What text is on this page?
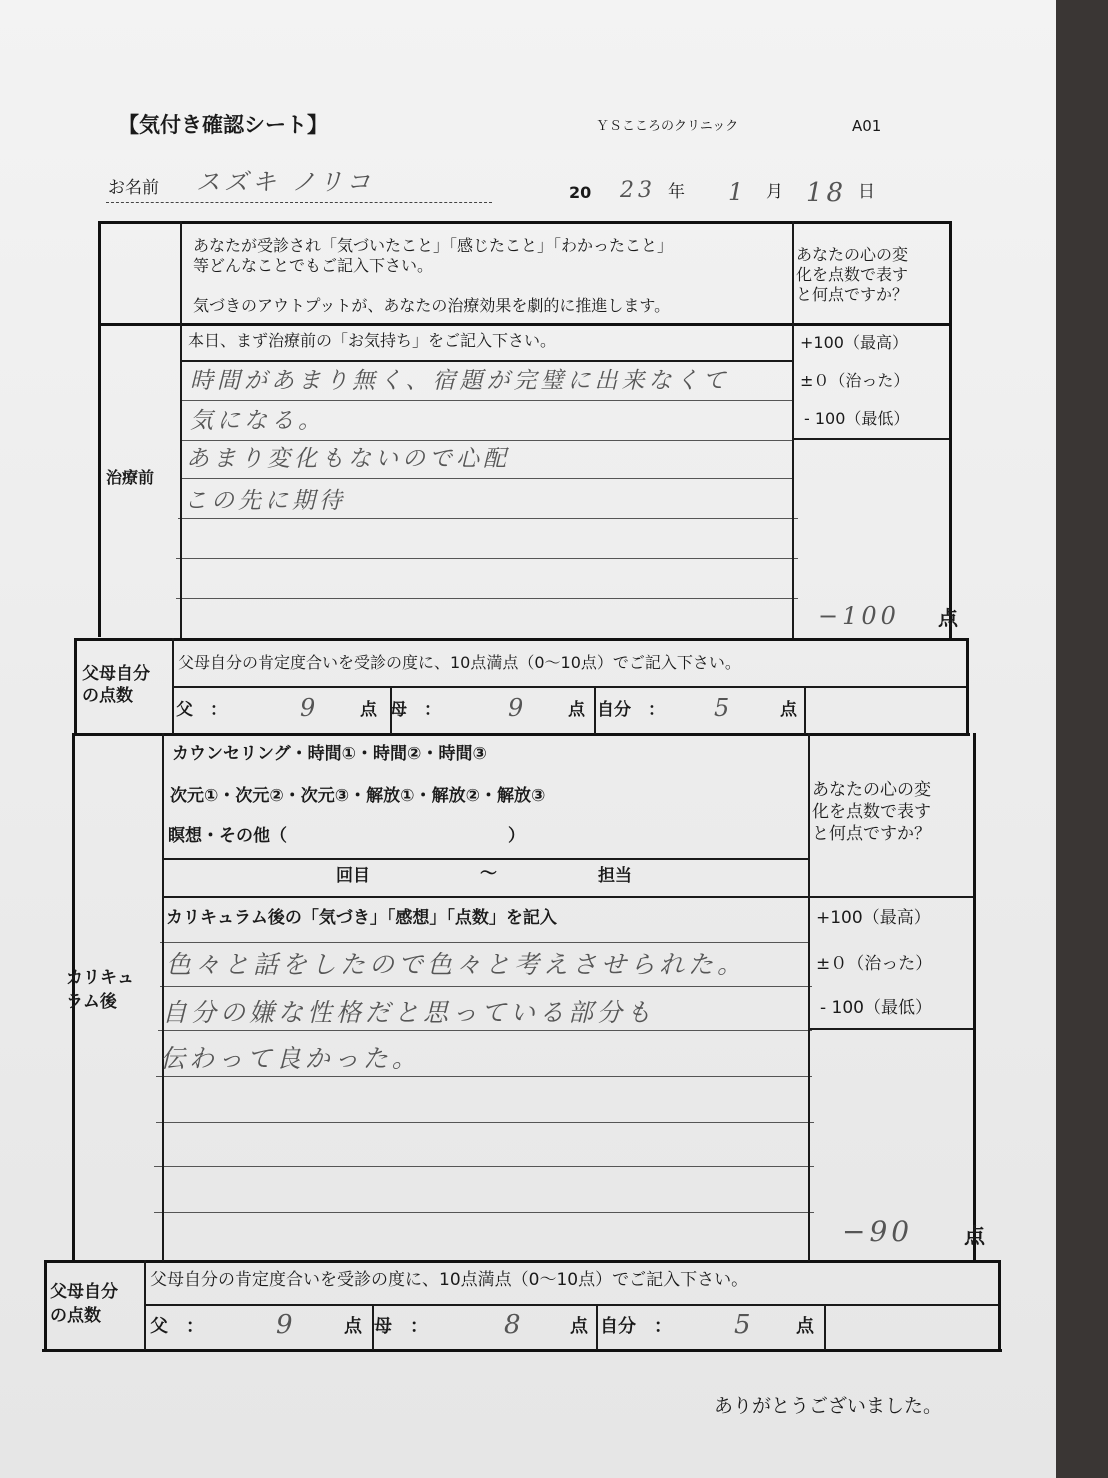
【気付き確認シート】	ＹＳこころのクリニック	A01
お名前 スズキ ノリコ	20 23 年 1 月 18 日
あなたが受診され「気づいたこと」「感じたこと」「わかったこと」
等どんなことでもご記入下さい。
気づきのアウトプットが、あなたの治療効果を劇的に推進します。
あなたの心の変
化を点数で表す
と何点ですか？
治療前
本日、まず治療前の「お気持ち」をご記入下さい。	+100（最高）
±０（治った）
- 100（最低）
時間があまり無く、宿題が完璧に出来なくて
気になる。
あまり変化もないので心配
この先に期待
−100 点
父母自分
の点数
父母自分の肯定度合いを受診の度に、10点満点（0〜10点）でご記入下さい。
父　：	9 点 母　：	9 点 自分　： 5	点
カリキュ
ラム後
カウンセリング・時間①・時間②・時間③
次元①・次元②・次元③・解放①・解放②・解放③
瞑想・その他（　　　　　　　　　　　　　）
回目	〜	担当
あなたの心の変
化を点数で表す
と何点ですか？
カリキュラム後の「気づき」「感想」「点数」を記入	+100（最高）
±０（治った）
- 100（最低）
色々と話をしたので色々と考えさせられた。
自分の嫌な性格だと思っている部分も
伝わって良かった。
−90 点
父母自分
の点数
父母自分の肯定度合いを受診の度に、10点満点（0〜10点）でご記入下さい。
父　：	9	点 母　：	8	点 自分　： 5 点
ありがとうございました。
